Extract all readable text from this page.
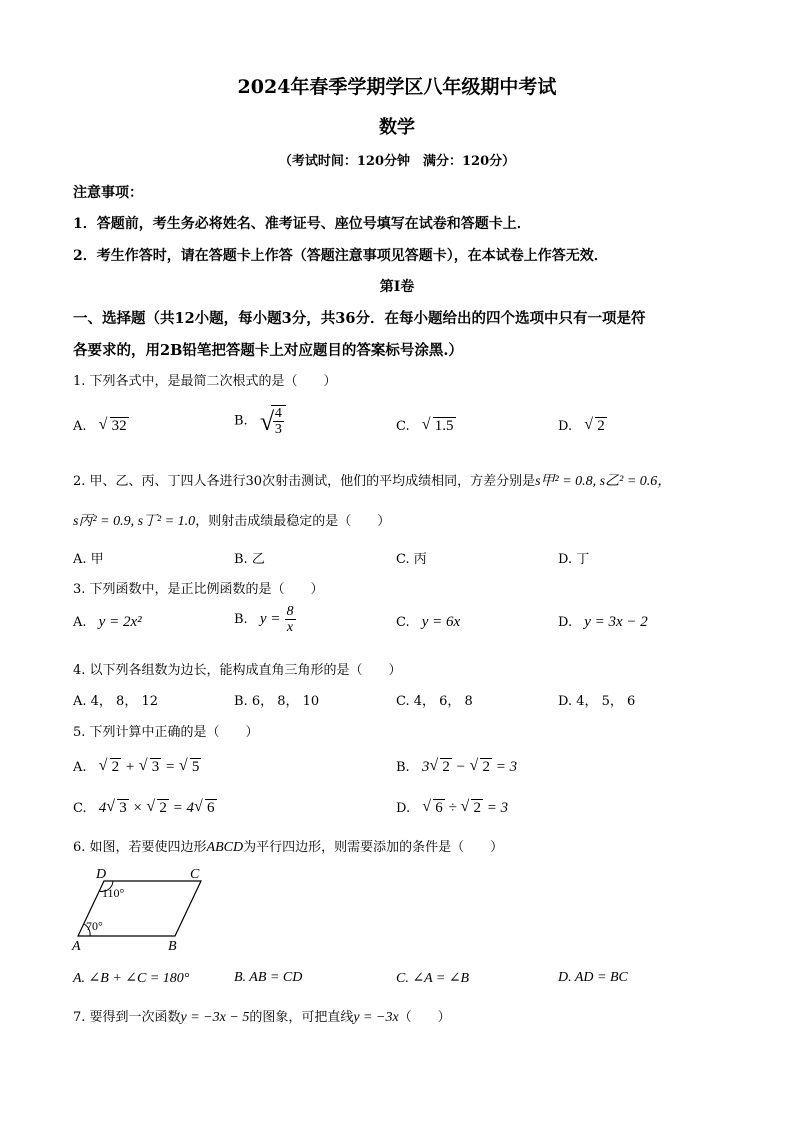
2024年春季学期学区八年级期中考试
数学
（考试时间：120分钟　满分：120分）
注意事项：
1．答题前，考生务必将姓名、准考证号、座位号填写在试卷和答题卡上．
2．考生作答时，请在答题卡上作答（答题注意事项见答题卡），在本试卷上作答无效．
第Ⅰ卷
一、选择题（共12小题，每小题3分，共36分．在每小题给出的四个选项中只有一项是符
各要求的，用2B铅笔把答题卡上对应题目的答案标号涂黑.）
1. 下列各式中，是最简二次根式的是（　　）
A. √ 32	B. √
$\frac{4}{3}$	C. √ 1.5	D. √ 2
2. 甲、乙、丙、丁四人各进行30次射击测试，他们的平均成绩相同，方差分别是s甲² = 0.8, s乙² = 0.6，
s丙² = 0.9, s丁² = 1.0，则射击成绩最稳定的是（　　）
A. 甲	B. 乙	C. 丙	D. 丁
3. 下列函数中，是正比例函数的是（　　）
A. y = 2x²	B. $y = \frac{8}{x}$	C. y = 6x	D. y = 3x − 2
4. 以下列各组数为边长，能构成直角三角形的是（　　）
A. 4， 8， 12	B. 6， 8， 10	C. 4， 6， 8	D. 4， 5， 6
5. 下列计算中正确的是（　　）
A. √ 2 + √ 3 = √ 5	B. 3 √ 2 − √ 2 = 3
C. 4 √ 3 × √ 2 = 4 √ 6	D. √ 6 ÷ √ 2 = 3
6. 如图，若要使四边形ABCD为平行四边形，则需要添加的条件是（　　）
D	C
A	B
110°
70°
A. ∠B + ∠C = 180°	B. AB = CD	C. ∠A = ∠B	D. AD = BC
7. 要得到一次函数y = −3x − 5的图象，可把直线y = −3x（　　）
